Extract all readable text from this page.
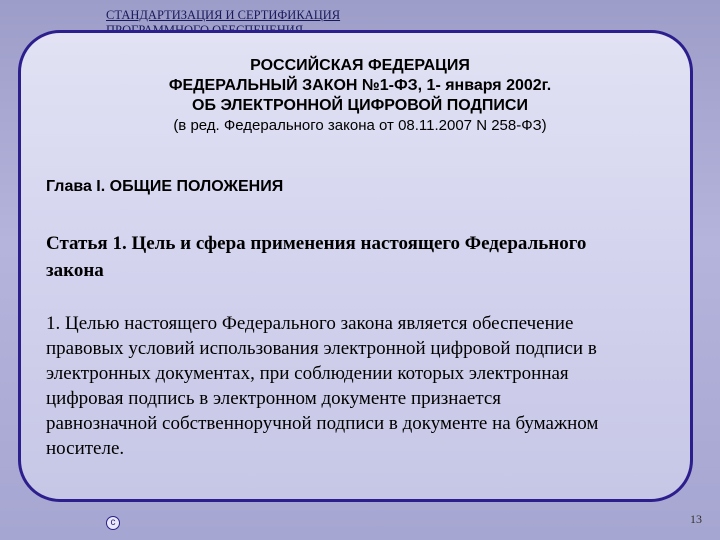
СТАНДАРТИЗАЦИЯ И СЕРТИФИКАЦИЯ
РОССИЙСКАЯ ФЕДЕРАЦИЯ
ФЕДЕРАЛЬНЫЙ ЗАКОН №1-ФЗ, 1- января 2002г.
ОБ ЭЛЕКТРОННОЙ ЦИФРОВОЙ ПОДПИСИ
(в ред. Федерального закона от 08.11.2007 N 258-ФЗ)
Глава I. ОБЩИЕ ПОЛОЖЕНИЯ
Статья 1. Цель и сфера применения настоящего Федерального
закона
1. Целью настоящего Федерального закона является обеспечение
правовых условий использования электронной цифровой подписи в
электронных документах, при соблюдении которых электронная
цифровая подпись в электронном документе признается
равнозначной собственноручной подписи в документе на бумажном
носителе.
c	13
